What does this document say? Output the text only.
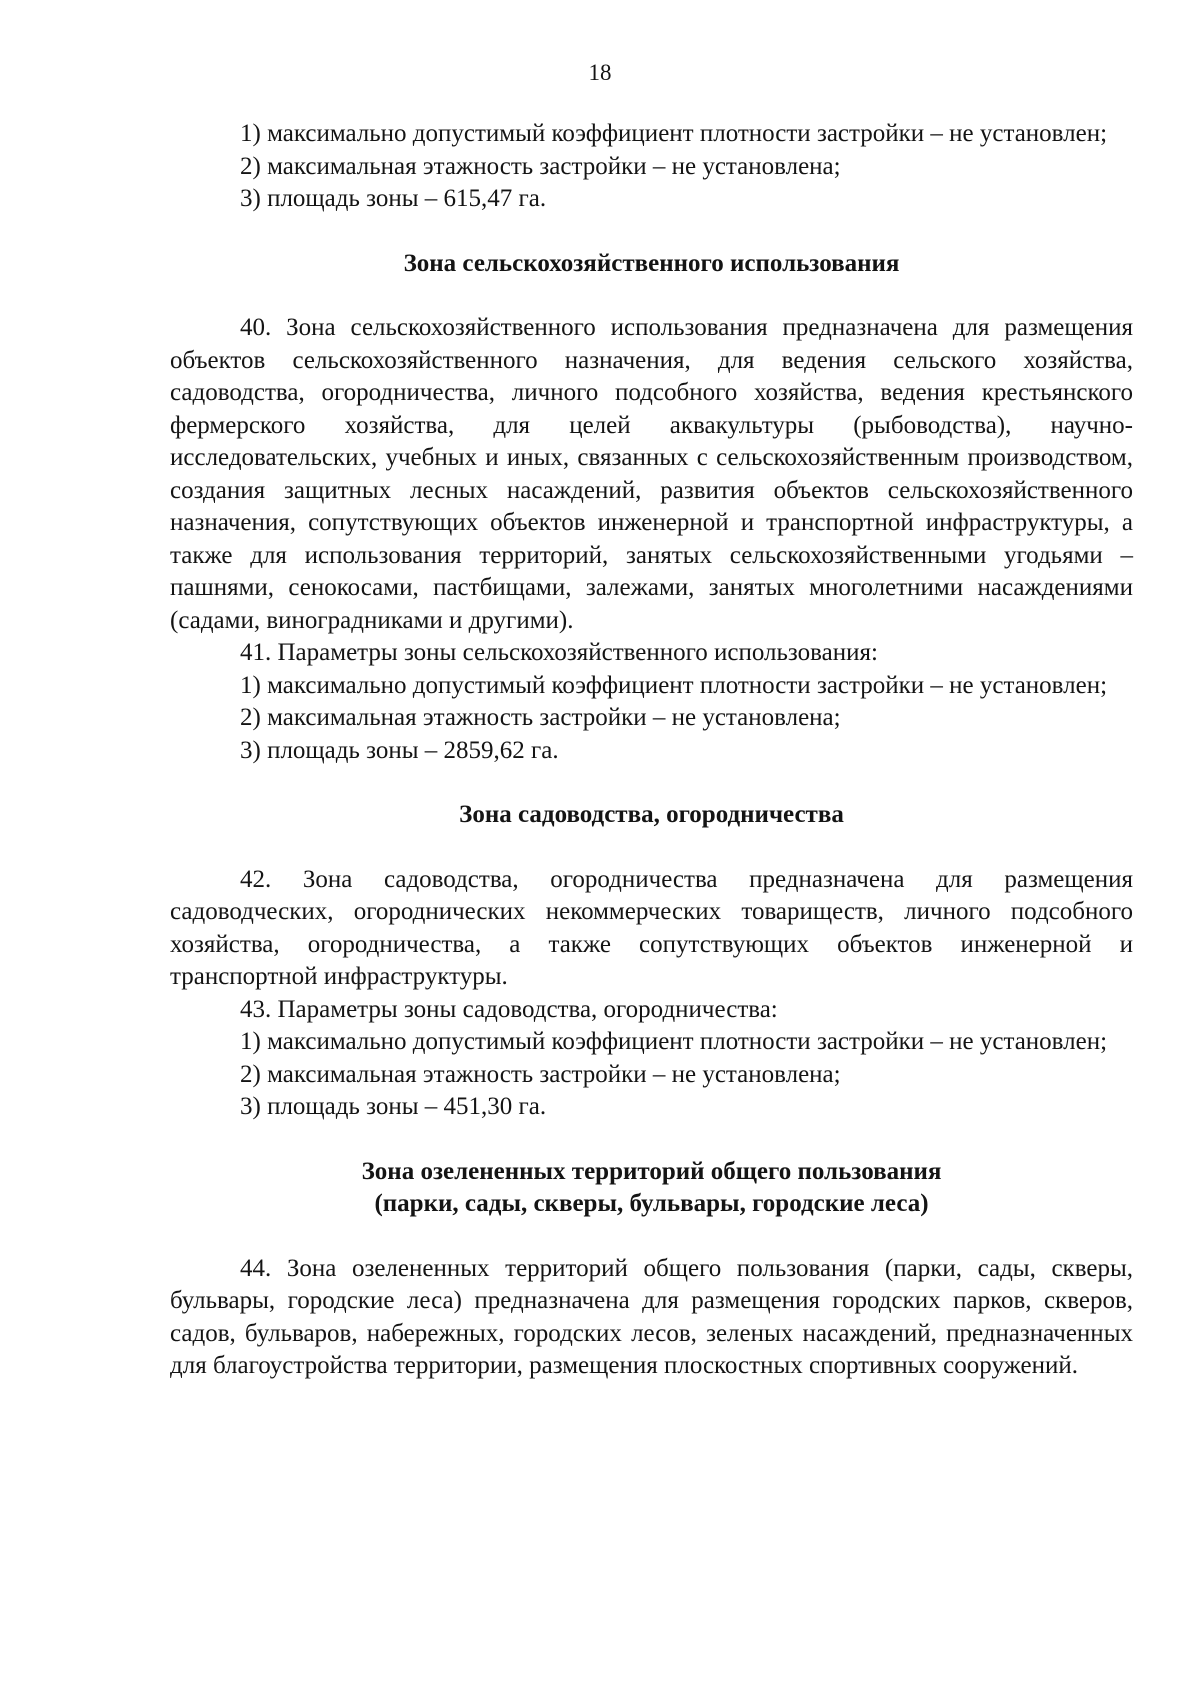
18

1) максимально допустимый коэффициент плотности застройки – не установлен;

2) максимальная этажность застройки – не установлена;

3) площадь зоны – 615,47 га.

Зона сельскохозяйственного использования

40. Зона сельскохозяйственного использования предназначена для размещения объектов сельскохозяйственного назначения, для ведения сельского хозяйства, садоводства, огородничества, личного подсобного хозяйства, ведения крестьянского фермерского хозяйства, для целей аквакультуры (рыбоводства), научно-исследовательских, учебных и иных, связанных с сельскохозяйственным производством, создания защитных лесных насаждений, развития объектов сельскохозяйственного назначения, сопутствующих объектов инженерной и транспортной инфраструктуры, а также для использования территорий, занятых сельскохозяйственными угодьями – пашнями, сенокосами, пастбищами, залежами, занятых многолетними насаждениями (садами, виноградниками и другими).

41. Параметры зоны сельскохозяйственного использования:

1) максимально допустимый коэффициент плотности застройки – не установлен;

2) максимальная этажность застройки – не установлена;

3) площадь зоны – 2859,62 га.

Зона садоводства, огородничества

42. Зона садоводства, огородничества предназначена для размещения садоводческих, огороднических некоммерческих товариществ, личного подсобного хозяйства, огородничества, а также сопутствующих объектов инженерной и транспортной инфраструктуры.

43. Параметры зоны садоводства, огородничества:

1) максимально допустимый коэффициент плотности застройки – не установлен;

2) максимальная этажность застройки – не установлена;

3) площадь зоны – 451,30 га.

Зона озелененных территорий общего пользования

(парки, сады, скверы, бульвары, городские леса)

44. Зона озелененных территорий общего пользования (парки, сады, скверы, бульвары, городские леса) предназначена для размещения городских парков, скверов, садов, бульваров, набережных, городских лесов, зеленых насаждений, предназначенных для благоустройства территории, размещения плоскостных спортивных сооружений.
